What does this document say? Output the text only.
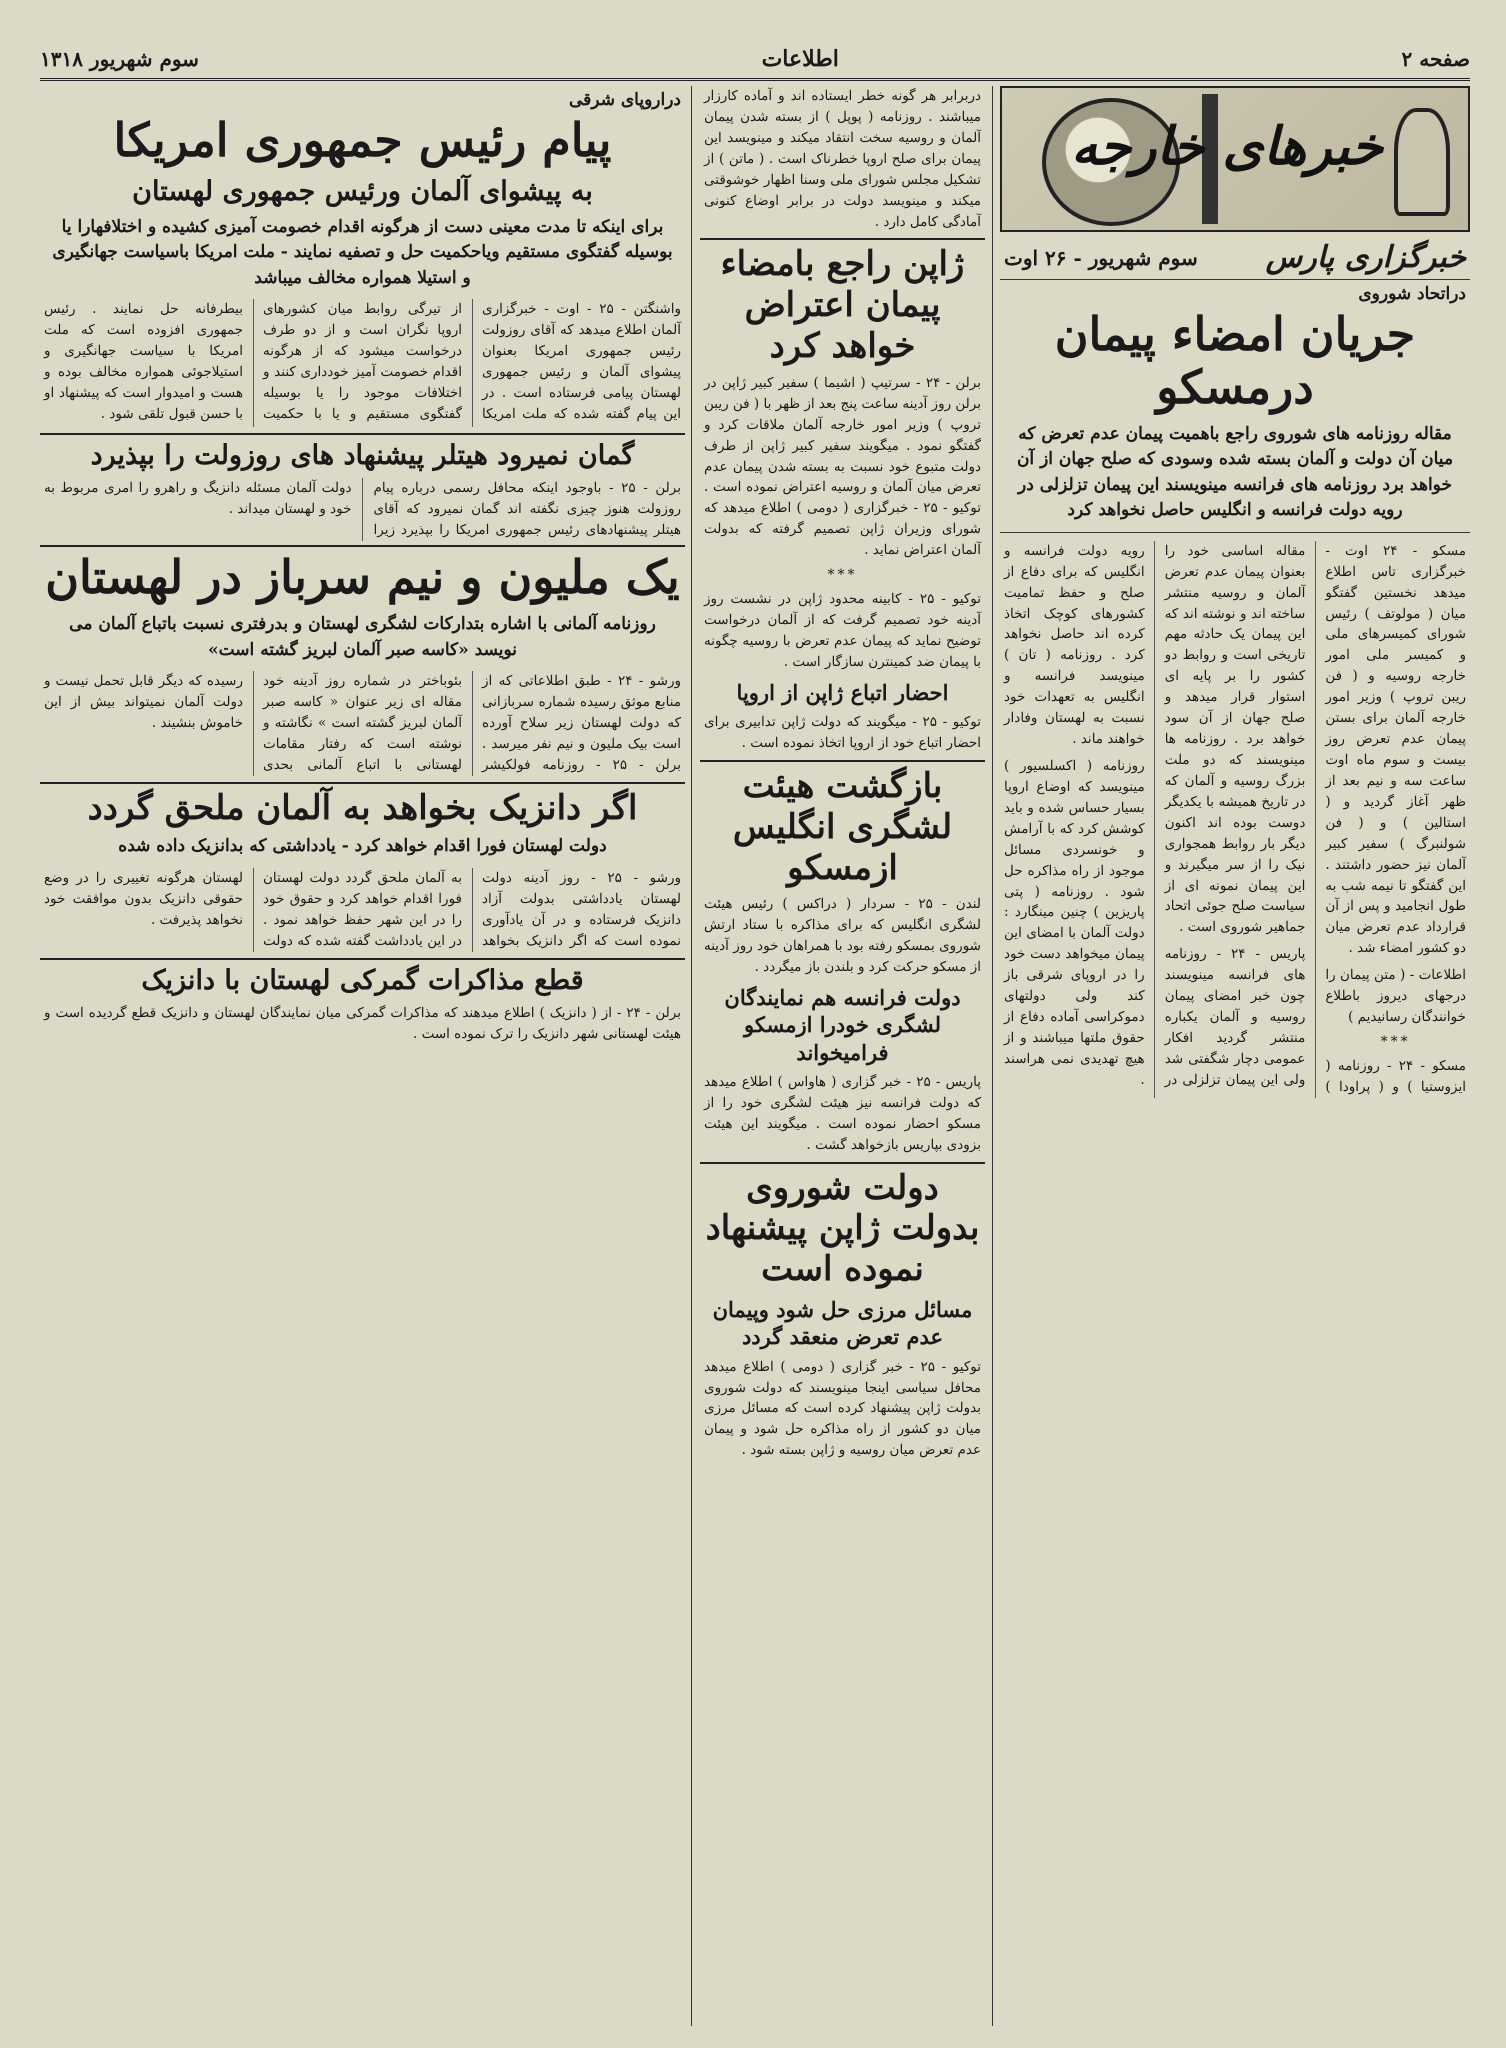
صفحه ۲
اطلاعات
سوم شهریور ۱۳۱۸
خبرهای خارجه
خبرگزاری پارس
سوم شهریور - ۲۶ اوت
دراتحاد شوروی
جریان امضاء پیمان درمسکو
مقاله روزنامه های شوروی راجع باهمیت پیمان عدم تعرض که میان آن دولت و آلمان بسته شده وسودی که صلح جهان از آن خواهد برد روزنامه های فرانسه مینویسند این پیمان تزلزلی در رویه دولت فرانسه و انگلیس حاصل نخواهد کرد

مسکو - ۲۴ اوت - خبرگزاری تاس اطلاع میدهد نخستین گفتگو میان ( مولوتف ) رئیس شورای کمیسرهای ملی و کمیسر ملی امور خارجه روسیه و ( فن ریبن تروپ ) وزیر امور خارجه آلمان برای بستن پیمان عدم تعرض روز بیست و سوم ماه اوت ساعت سه و نیم بعد از ظهر آغاز گردید و ( استالین ) و ( فن شولنبرگ ) سفیر کبیر آلمان نیز حضور داشتند . این گفتگو تا نیمه شب به طول انجامید و پس از آن قرارداد عدم تعرض میان دو کشور امضاء شد .

اطلاعات - ( متن پیمان را درجهای دیروز باطلاع خوانندگان رسانیدیم )

***

مسکو - ۲۴ - روزنامه ( ایزوستیا ) و ( پراودا ) مقاله اساسی خود را بعنوان پیمان عدم تعرض آلمان و روسیه منتشر ساخته اند و نوشته اند که این پیمان یک حادثه مهم تاریخی است و روابط دو کشور را بر پایه ای استوار قرار میدهد و صلح جهان از آن سود خواهد برد . روزنامه ها مینویسند که دو ملت بزرگ روسیه و آلمان که در تاریخ همیشه با یکدیگر دوست بوده اند اکنون دیگر بار روابط همجواری نیک را از سر میگیرند و این پیمان نمونه ای از سیاست صلح جوئی اتحاد جماهیر شوروی است .

پاریس - ۲۴ - روزنامه های فرانسه مینویسند چون خبر امضای پیمان روسیه و آلمان یکباره منتشر گردید افکار عمومی دچار شگفتی شد ولی این پیمان تزلزلی در رویه دولت فرانسه و انگلیس که برای دفاع از صلح و حفظ تمامیت کشورهای کوچک اتخاذ کرده اند حاصل نخواهد کرد . روزنامه ( تان ) مینویسد فرانسه و انگلیس به تعهدات خود نسبت به لهستان وفادار خواهند ماند .

روزنامه ( اکسلسیور ) مینویسد که اوضاع اروپا بسیار حساس شده و باید کوشش کرد که با آرامش و خونسردی مسائل موجود از راه مذاکره حل شود . روزنامه ( پتی پاریزین ) چنین مینگارد : دولت آلمان با امضای این پیمان میخواهد دست خود را در اروپای شرقی باز کند ولی دولتهای دموکراسی آماده دفاع از حقوق ملتها میباشند و از هیچ تهدیدی نمی هراسند .

دربرابر هر گونه خطر ایستاده اند و آماده کارزار میباشند . روزنامه ( پوپل ) از بسته شدن پیمان آلمان و روسیه سخت انتقاد میکند و مینویسد این پیمان برای صلح اروپا خطرناک است . ( ماتن ) از تشکیل مجلس شورای ملی وسنا اظهار خوشوقتی میکند و مینویسد دولت در برابر اوضاع کنونی آمادگی کامل دارد .

ژاپن راجع بامضاء پیمان اعتراض خواهد کرد

برلن - ۲۴ - سرتیپ ( اشیما ) سفیر کبیر ژاپن در برلن روز آدینه ساعت پنج بعد از ظهر با ( فن ریبن تروپ ) وزیر امور خارجه آلمان ملاقات کرد و گفتگو نمود . میگویند سفیر کبیر ژاپن از طرف دولت متبوع خود نسبت به بسته شدن پیمان عدم تعرض میان آلمان و روسیه اعتراض نموده است . توکیو - ۲۵ - خبرگزاری ( دومی ) اطلاع میدهد که شورای وزیران ژاپن تصمیم گرفته که بدولت آلمان اعتراض نماید .

***

توکیو - ۲۵ - کابینه محدود ژاپن در نشست روز آدینه خود تصمیم گرفت که از آلمان درخواست توضیح نماید که پیمان عدم تعرض با روسیه چگونه با پیمان ضد کمینترن سازگار است .

احضار اتباع ژاپن از اروپا

توکیو - ۲۵ - میگویند که دولت ژاپن تدابیری برای احضار اتباع خود از اروپا اتخاذ نموده است .

بازگشت هیئت لشگری انگلیس ازمسکو

لندن - ۲۵ - سردار ( دراکس ) رئیس هیئت لشگری انگلیس که برای مذاکره با ستاد ارتش شوروی بمسکو رفته بود با همراهان خود روز آدینه از مسکو حرکت کرد و بلندن باز میگردد .

دولت فرانسه هم نمایندگان لشگری خودرا ازمسکو فرامیخواند

پاریس - ۲۵ - خبر گزاری ( هاواس ) اطلاع میدهد که دولت فرانسه نیز هیئت لشگری خود را از مسکو احضار نموده است . میگویند این هیئت بزودی بپاریس بازخواهد گشت .

دولت شوروی بدولت ژاپن پیشنهاد نموده است
مسائل مرزی حل شود وپیمان عدم تعرض منعقد گردد

توکیو - ۲۵ - خبر گزاری ( دومی ) اطلاع میدهد محافل سیاسی اینجا مینویسند که دولت شوروی بدولت ژاپن پیشنهاد کرده است که مسائل مرزی میان دو کشور از راه مذاکره حل شود و پیمان عدم تعرض میان روسیه و ژاپن بسته شود .

دراروپای شرقی
پیام رئیس جمهوری امریکا
به پیشوای آلمان ورئیس جمهوری لهستان
برای اینکه تا مدت معینی دست از هرگونه اقدام خصومت آمیزی کشیده و اختلافهارا یا بوسیله گفتگوی مستقیم ویاحکمیت حل و تصفیه نمایند - ملت امریکا باسیاست جهانگیری و استیلا همواره مخالف میباشد

واشنگتن - ۲۵ - اوت - خبرگزاری آلمان اطلاع میدهد که آقای روزولت رئیس جمهوری امریکا بعنوان پیشوای آلمان و رئیس جمهوری لهستان پیامی فرستاده است . در این پیام گفته شده که ملت امریکا از تیرگی روابط میان کشورهای اروپا نگران است و از دو طرف درخواست میشود که از هرگونه اقدام خصومت آمیز خودداری کنند و اختلافات موجود را یا بوسیله گفتگوی مستقیم و یا با حکمیت بیطرفانه حل نمایند . رئیس جمهوری افزوده است که ملت امریکا با سیاست جهانگیری و استیلاجوئی همواره مخالف بوده و هست و امیدوار است که پیشنهاد او با حسن قبول تلقی شود .

گمان نمیرود هیتلر پیشنهاد های روزولت را بپذیرد

برلن - ۲۵ - باوجود اینکه محافل رسمی درباره پیام روزولت هنوز چیزی نگفته اند گمان نمیرود که آقای هیتلر پیشنهادهای رئیس جمهوری امریکا را بپذیرد زیرا دولت آلمان مسئله دانزیگ و راهرو را امری مربوط به خود و لهستان میداند .

یک ملیون و نیم سرباز در لهستان
روزنامه آلمانی با اشاره بتدارکات لشگری لهستان و بدرفتری نسبت باتباع آلمان می نویسد «کاسه صبر آلمان لبریز گشته است»

ورشو - ۲۴ - طبق اطلاعاتی که از منابع موثق رسیده شماره سربازانی که دولت لهستان زیر سلاح آورده است بیک ملیون و نیم نفر میرسد . برلن - ۲۵ - روزنامه فولکیشر بئوباختر در شماره روز آدینه خود مقاله ای زیر عنوان « کاسه صبر آلمان لبریز گشته است » نگاشته و نوشته است که رفتار مقامات لهستانی با اتباع آلمانی بحدی رسیده که دیگر قابل تحمل نیست و دولت آلمان نمیتواند بیش از این خاموش بنشیند .

اگر دانزیک بخواهد به آلمان ملحق گردد
دولت لهستان فورا اقدام خواهد کرد - یادداشتی که بدانزیک داده شده

ورشو - ۲۵ - روز آدینه دولت لهستان یادداشتی بدولت آزاد دانزیک فرستاده و در آن یادآوری نموده است که اگر دانزیک بخواهد به آلمان ملحق گردد دولت لهستان فورا اقدام خواهد کرد و حقوق خود را در این شهر حفظ خواهد نمود . در این یادداشت گفته شده که دولت لهستان هرگونه تغییری را در وضع حقوقی دانزیک بدون موافقت خود نخواهد پذیرفت .

قطع مذاکرات گمرکی لهستان با دانزیک

برلن - ۲۴ - از ( دانزیک ) اطلاع میدهند که مذاکرات گمرکی میان نمایندگان لهستان و دانزیک قطع گردیده است و هیئت لهستانی شهر دانزیک را ترک نموده است .
